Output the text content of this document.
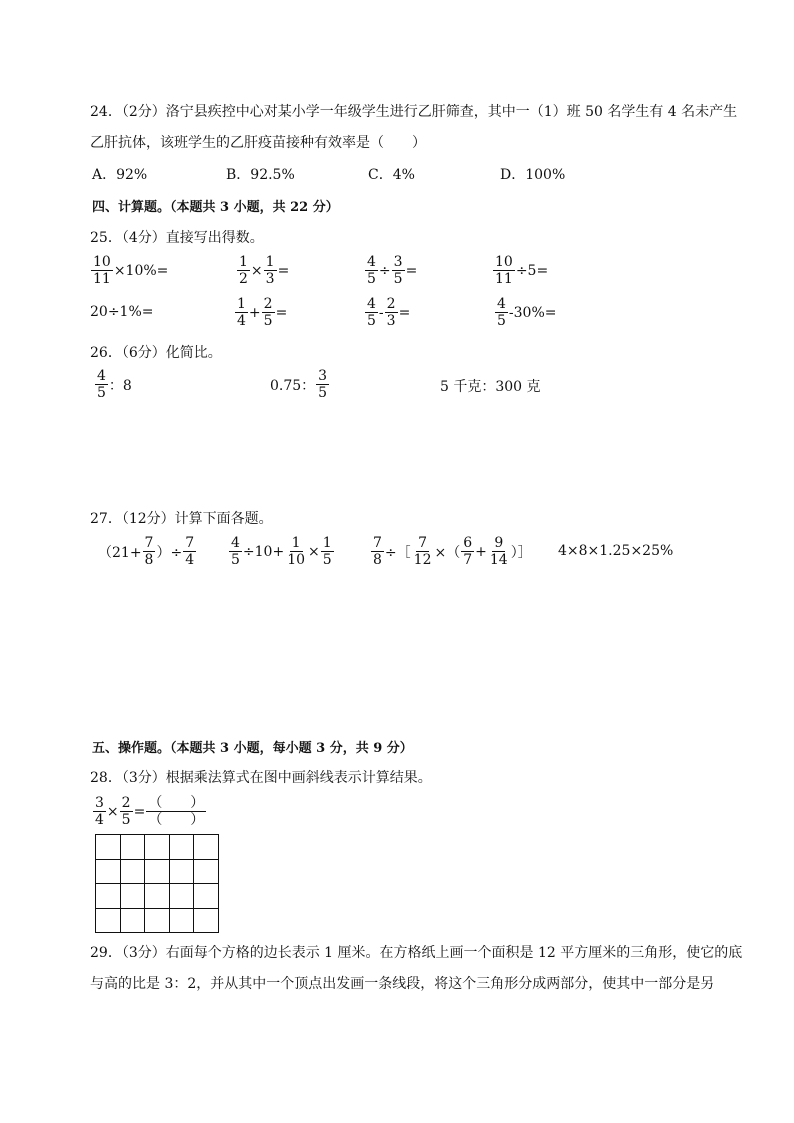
24．（2分）洛宁县疾控中心对某小学一年级学生进行乙肝筛查，其中一（1）班 50 名学生有 4 名未产生
乙肝抗体，该班学生的乙肝疫苗接种有效率是（　　）
A．92%	B．92.5%	C．4%	D．100%
四、计算题。（本题共 3 小题，共 22 分）
25．（4分）直接写出得数。
$\frac{10}{11} \times 10\%=$	$\frac{1}{2} \times \frac{1}{3}$ =	$\frac{4}{5} \div \frac{3}{5}$ =	$\frac{10}{11} \div 5=$
20÷1%=	$\frac{1}{4} + \frac{2}{5}$ =	$\frac{4}{5} - \frac{2}{3}$ =	$\frac{4}{5} -30\%=$
26．（6分）化简比。
$\frac{4}{5}$ ：8	0.75： $\frac{3}{5}$	5 千克：300 克
27．（12分）计算下面各题。
（$21+ \frac{7}{8}$ ）÷ $\frac{7}{4} \frac{4}{5} \div 10+ \frac{1}{10} \times \frac{1}{5}$	$\frac{7}{8}$ ÷［ $\frac{7}{12}$ ×（ $\frac{6}{7} + \frac{9}{14}$ ）］ 4×8×1.25×25%
五、操作题。（本题共 3 小题，每小题 3 分，共 9 分）
28．（3分）根据乘法算式在图中画斜线表示计算结果。
$\frac{3}{4} \times \frac{2}{5} = \frac{( )}{( )}$

29．（3分）右面每个方格的边长表示 1 厘米。在方格纸上画一个面积是 12 平方厘米的三角形，使它的底
与高的比是 3：2，并从其中一个顶点出发画一条线段，将这个三角形分成两部分，使其中一部分是另
